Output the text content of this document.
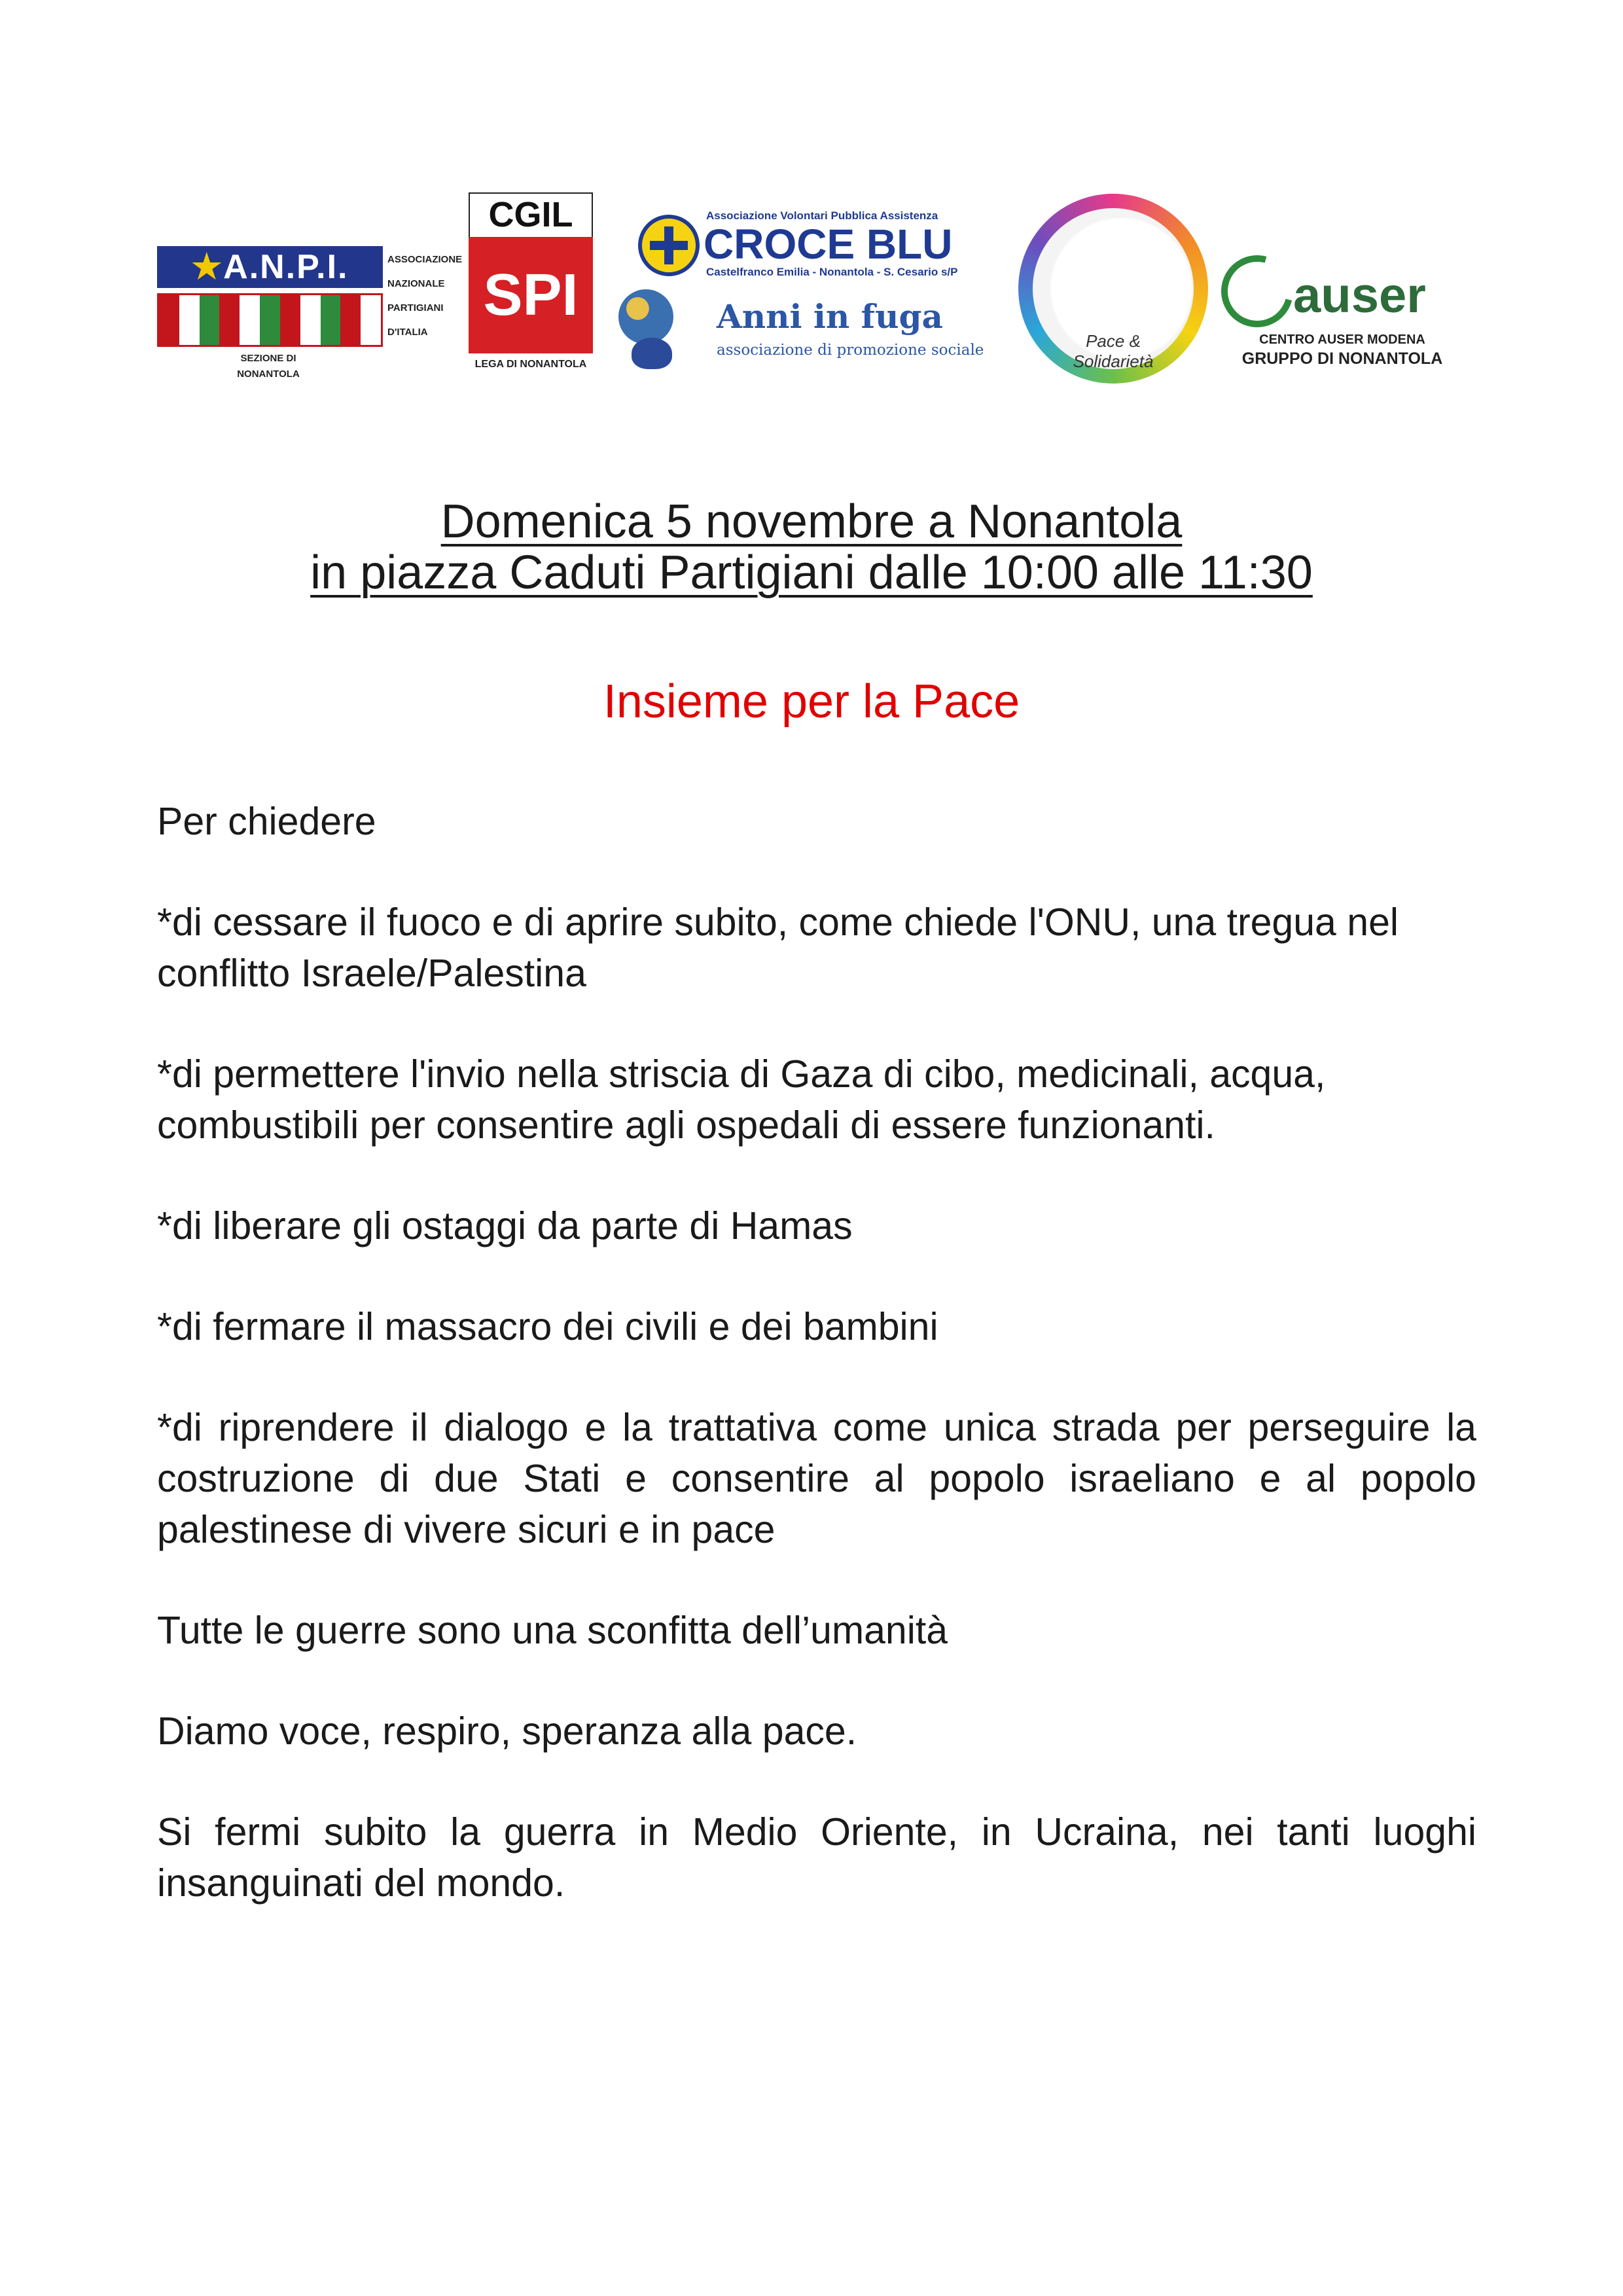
★A.N.P.I.	ASSOCIAZIONE
NAZIONALE
PARTIGIANI
D'ITALIA
SEZIONE DI
NONANTOLA
CGIL
SPI
LEGA DI NONANTOLA
Associazione Volontari Pubblica Assistenza
CROCE BLU
Castelfranco Emilia - Nonantola - S. Cesario s/P
Anni in fuga
associazione di promozione sociale	Pace & Solidarietà
auser
CENTRO AUSER MODENA
GRUPPO DI NONANTOLA
Domenica 5 novembre a Nonantola
in piazza Caduti Partigiani dalle 10:00 alle 11:30
Insieme per la Pace

Per chiedere

*di cessare il fuoco e di aprire subito, come chiede l'ONU, una tregua nel conflitto Israele/Palestina

*di permettere l'invio nella striscia di Gaza di cibo, medicinali, acqua, combustibili per consentire agli ospedali di essere funzionanti.

*di liberare gli ostaggi da parte di Hamas

*di fermare il massacro dei civili e dei bambini

*di riprendere il dialogo e la trattativa come unica strada per perseguire la costruzione di due Stati e consentire al popolo israeliano e al popolo palestinese di vivere sicuri e in pace

Tutte le guerre sono una sconfitta dell’umanità

Diamo voce, respiro, speranza alla pace.

Si fermi subito la guerra in Medio Oriente, in Ucraina, nei tanti luoghi insanguinati del mondo.
